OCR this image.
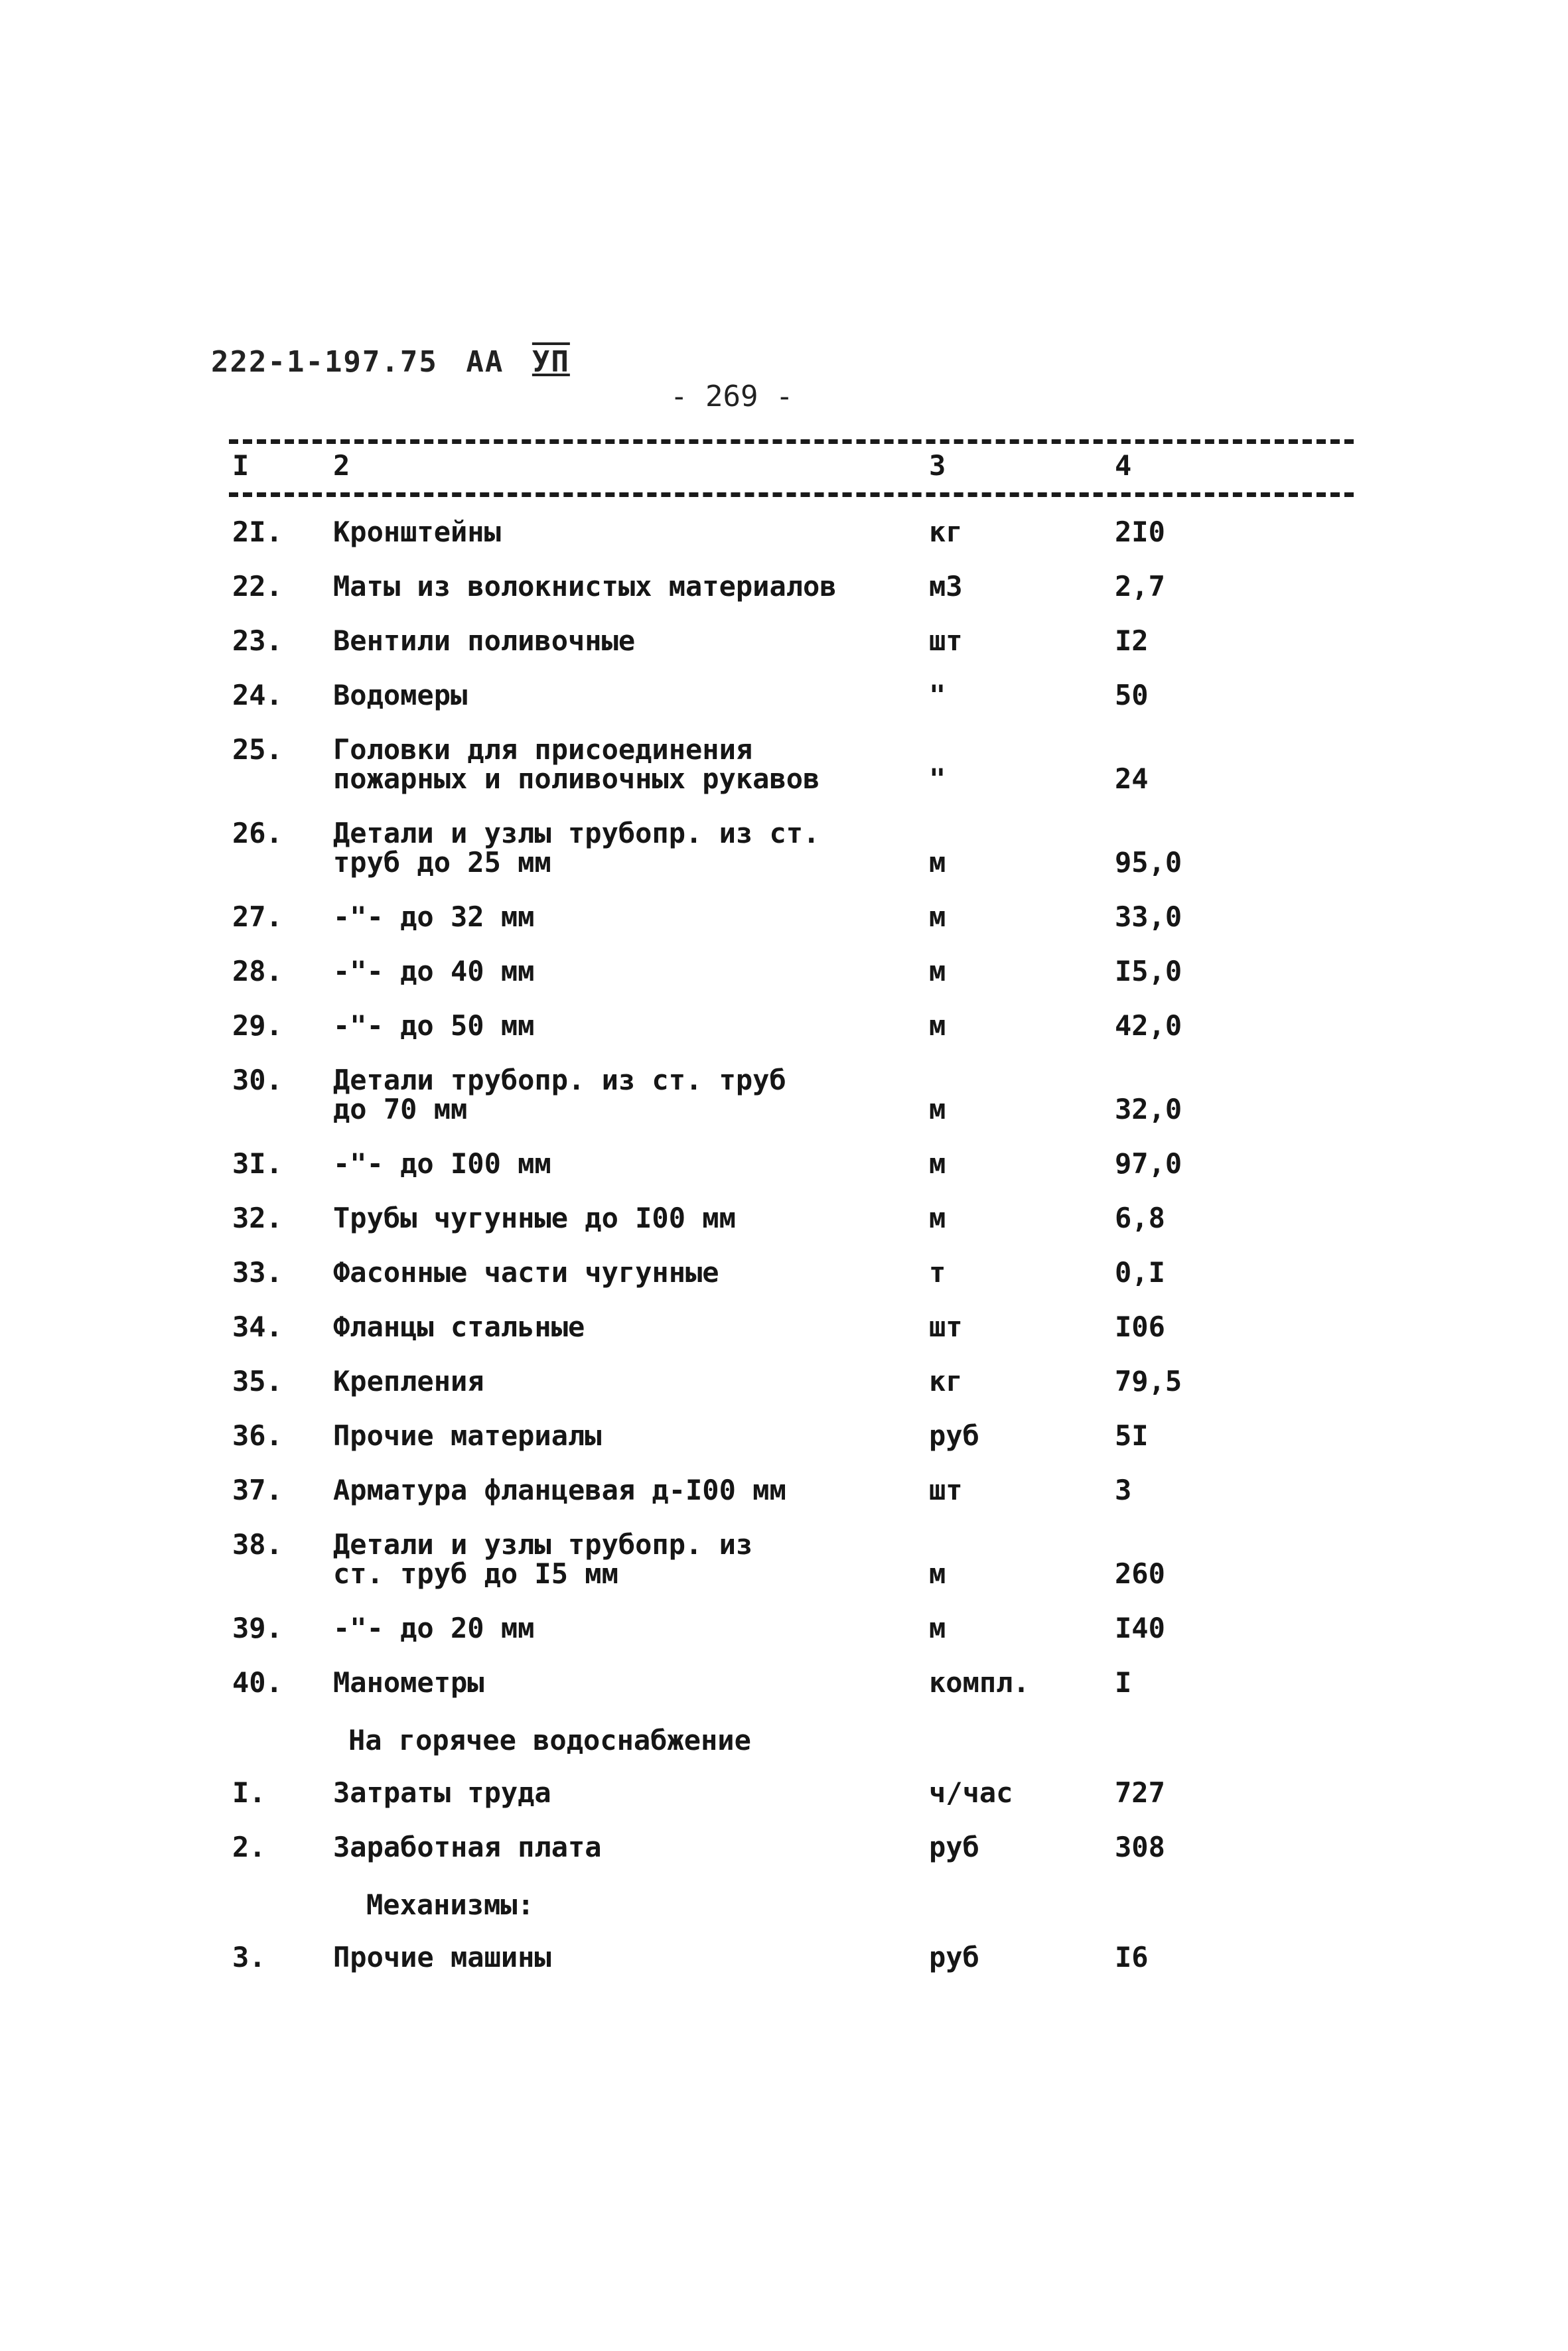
222-1-197.75 АА УП
- 269 -
I	2	3	4
2I. Кронштейны	кг	2I0
22. Маты из волокнистых материалов	м3	2,7
23. Вентили поливочные	шт	I2
24. Водомеры	"	50
25. Головки для присоединения
пожарных и поливочных рукавов	"	24
26. Детали и узлы трубопр. из ст.
труб до 25 мм	м	95,0
27. -"- до 32 мм	м	33,0
28. -"- до 40 мм	м	I5,0
29. -"- до 50 мм	м	42,0
30. Детали трубопр. из ст. труб
до 70 мм	м	32,0
3I. -"- до I00 мм	м	97,0
32. Трубы чугунные до I00 мм	м	6,8
33. Фасонные части чугунные	т	0,I
34. Фланцы стальные	шт	I06
35. Крепления	кг	79,5
36. Прочие материалы	руб	5I
37. Арматура фланцевая д-I00 мм	шт	3
38. Детали и узлы трубопр. из
ст. труб до I5 мм	м	260
39. -"- до 20 мм	м	I40
40. Манометры	компл.	I
На горячее водоснабжение
I. Затраты труда	ч/час	727
2. Заработная плата	руб	308
Механизмы:
3. Прочие машины	руб	I6
